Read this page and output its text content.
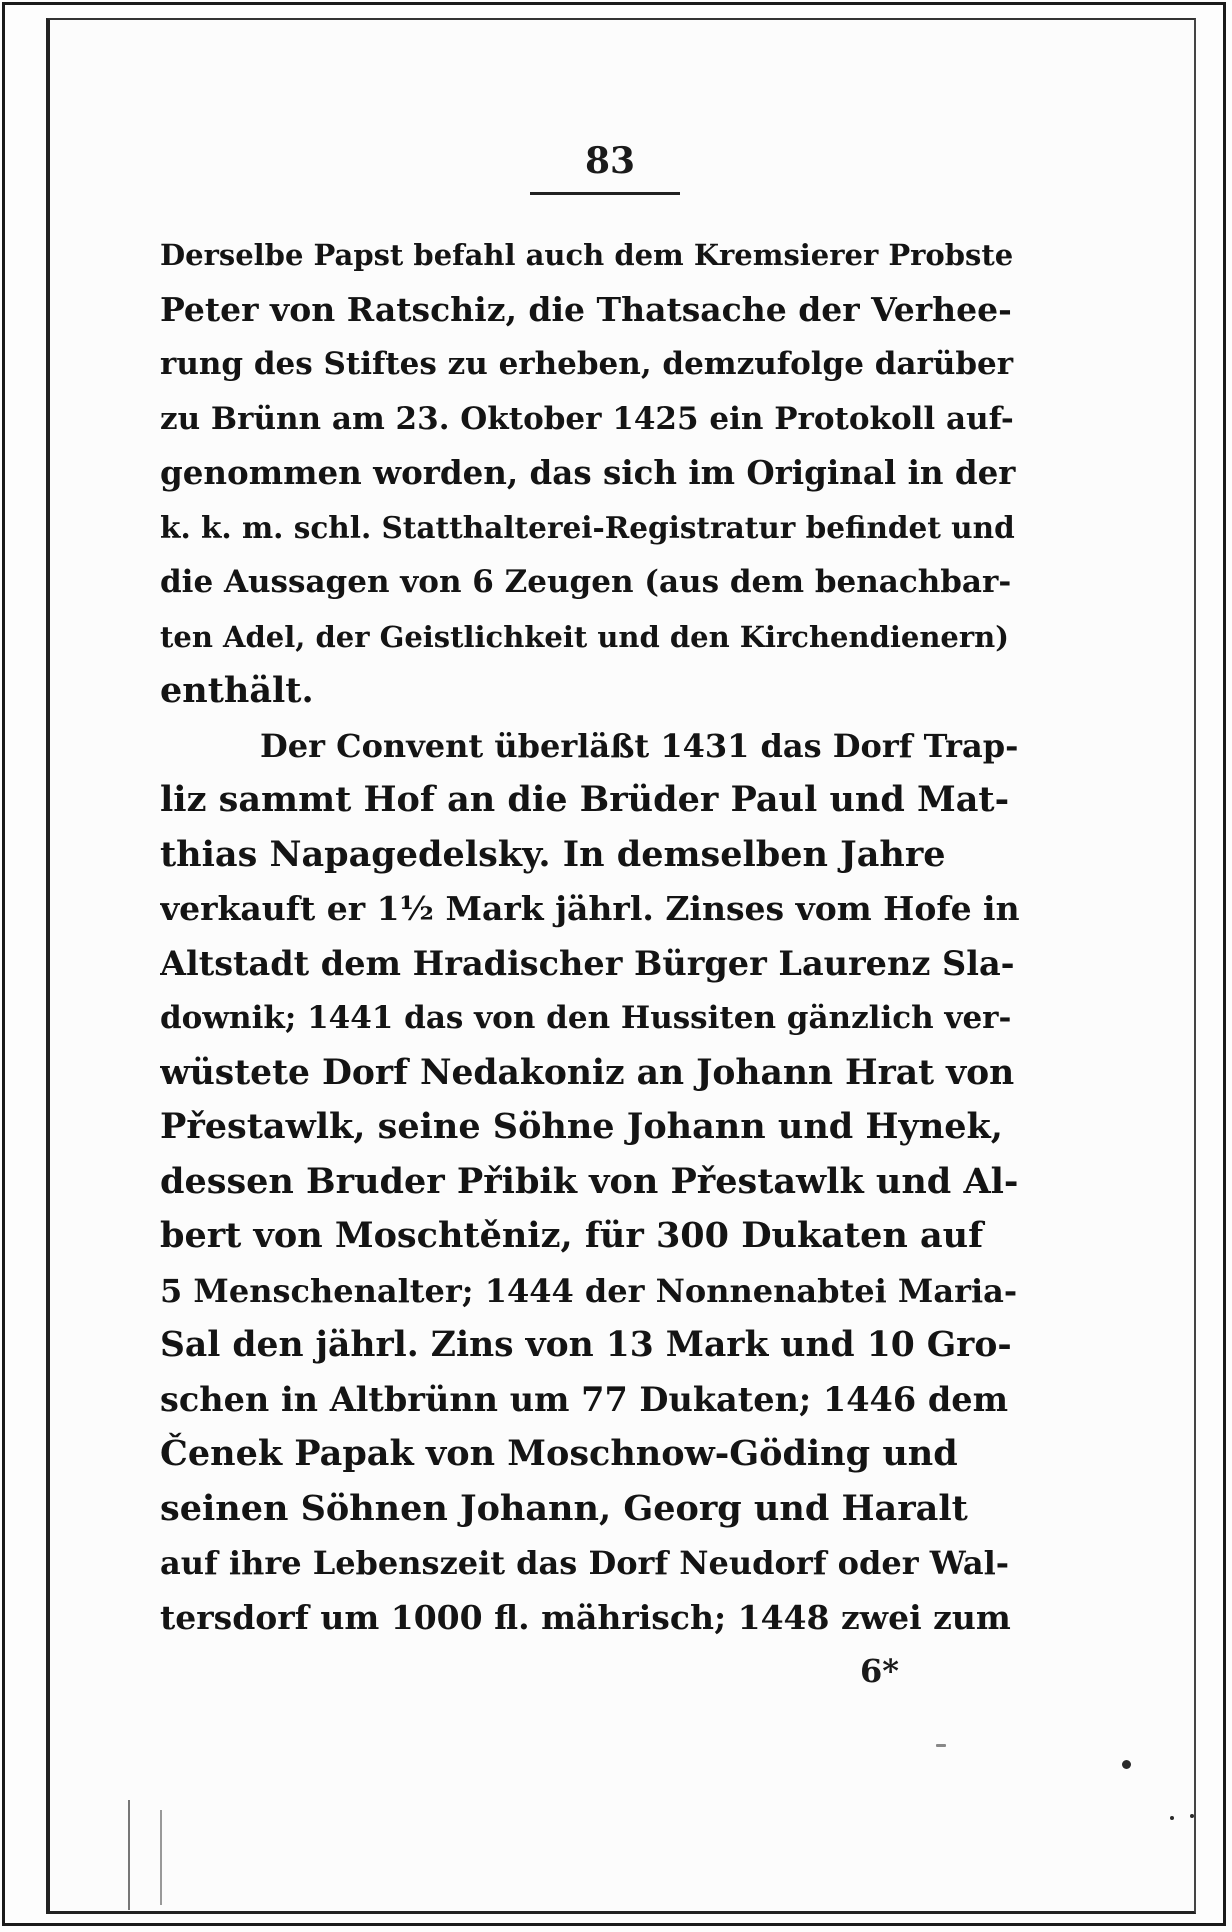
83
Derselbe Papst befahl auch dem Kremsierer Probste
Peter von Ratschiz, die Thatsache der Verheе-
rung des Stiftes zu erheben, demzufolge darüber
zu Brünn am 23. Oktober 1425 ein Protokoll auf-
genommen worden, das sich im Original in der
k. k. m. schl. Statthalterei-Registratur befindet und
die Aussagen von 6 Zeugen (aus dem benachbar-
ten Adel, der Geistlichkeit und den Kirchendienern)
enthält.
Der Convent überläßt 1431 das Dorf Trap-
liz sammt Hof an die Brüder Paul und Mat-
thias Napagedelsky. In demselben Jahre
verkauft er 1½ Mark jährl. Zinses vom Hofe in
Altstadt dem Hradischer Bürger Laurenz Sla-
downik; 1441 das von den Hussiten gänzlich ver-
wüstete Dorf Nedakoniz an Johann Hrat von
Přestawlk, seine Söhne Johann und Hynek,
dessen Bruder Přibik von Přestawlk und Al-
bert von Moschtěniz, für 300 Dukaten auf
5 Menschenalter; 1444 der Nonnenabtei Maria-
Sal den jährl. Zins von 13 Mark und 10 Gro-
schen in Altbrünn um 77 Dukaten; 1446 dem
Čenek Papak von Moschnow-Göding und
seinen Söhnen Johann, Georg und Haralt
auf ihre Lebenszeit das Dorf Neudorf oder Wal-
tersdorf um 1000 fl. mährisch; 1448 zwei zum
6*
